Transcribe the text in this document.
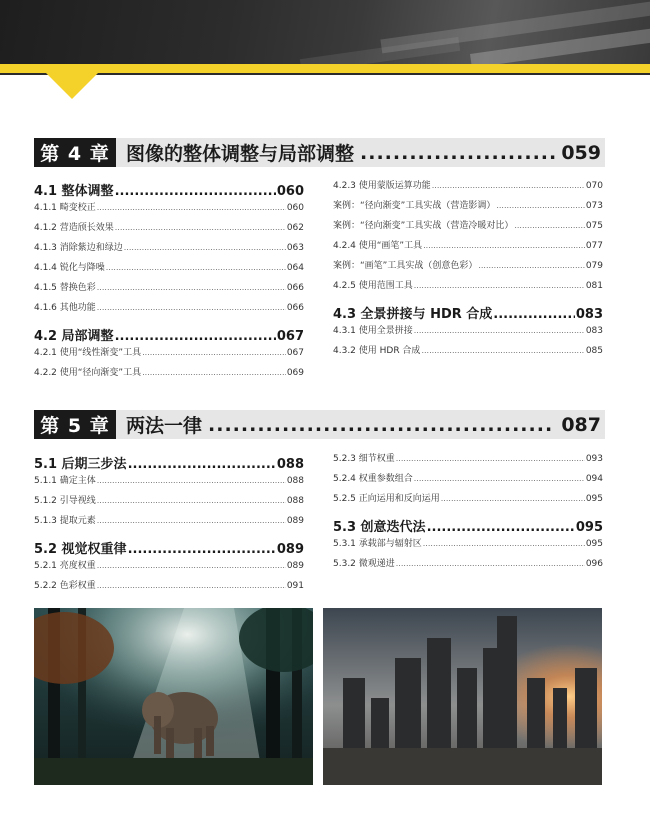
第 4 章 图像的整体调整与局部调整 .....	059
4.1 整体调整 .....	060
4.1.1 畸变校正 .....	060
4.1.2 营造颀长效果 .....	062
4.1.3 消除紫边和绿边 .....	063
4.1.4 锐化与降噪 .....	064
4.1.5 替换色彩 .....	066
4.1.6 其他功能 .....	066
4.2 局部调整 .....	067
4.2.1 使用“线性渐变”工具 .....	067
4.2.2 使用“径向渐变”工具 .....	069
4.2.3 使用蒙版运算功能 .....	070
案例：“径向渐变”工具实战（营造影调） .....	073
案例：“径向渐变”工具实战（营造冷暖对比） .....	075
4.2.4 使用“画笔”工具 .....	077
案例：“画笔”工具实战（创意色彩） .....	079
4.2.5 使用范围工具 .....	081
4.3 全景拼接与 HDR 合成 .....	083
4.3.1 使用全景拼接 .....	083
4.3.2 使用 HDR 合成 .....	085
第 5 章 两法一律 .....	087
5.1 后期三步法 .....	088
5.1.1 确定主体 .....	088
5.1.2 引导视线 .....	088
5.1.3 提取元素 .....	089
5.2 视觉权重律 .....	089
5.2.1 亮度权重 .....	089
5.2.2 色彩权重 .....	091
5.2.3 细节权重 .....	093
5.2.4 权重参数组合 .....	094
5.2.5 正向运用和反向运用 .....	095
5.3 创意迭代法 .....	095
5.3.1 承载部与辐射区 .....	095
5.3.2 微观递进 .....	096
